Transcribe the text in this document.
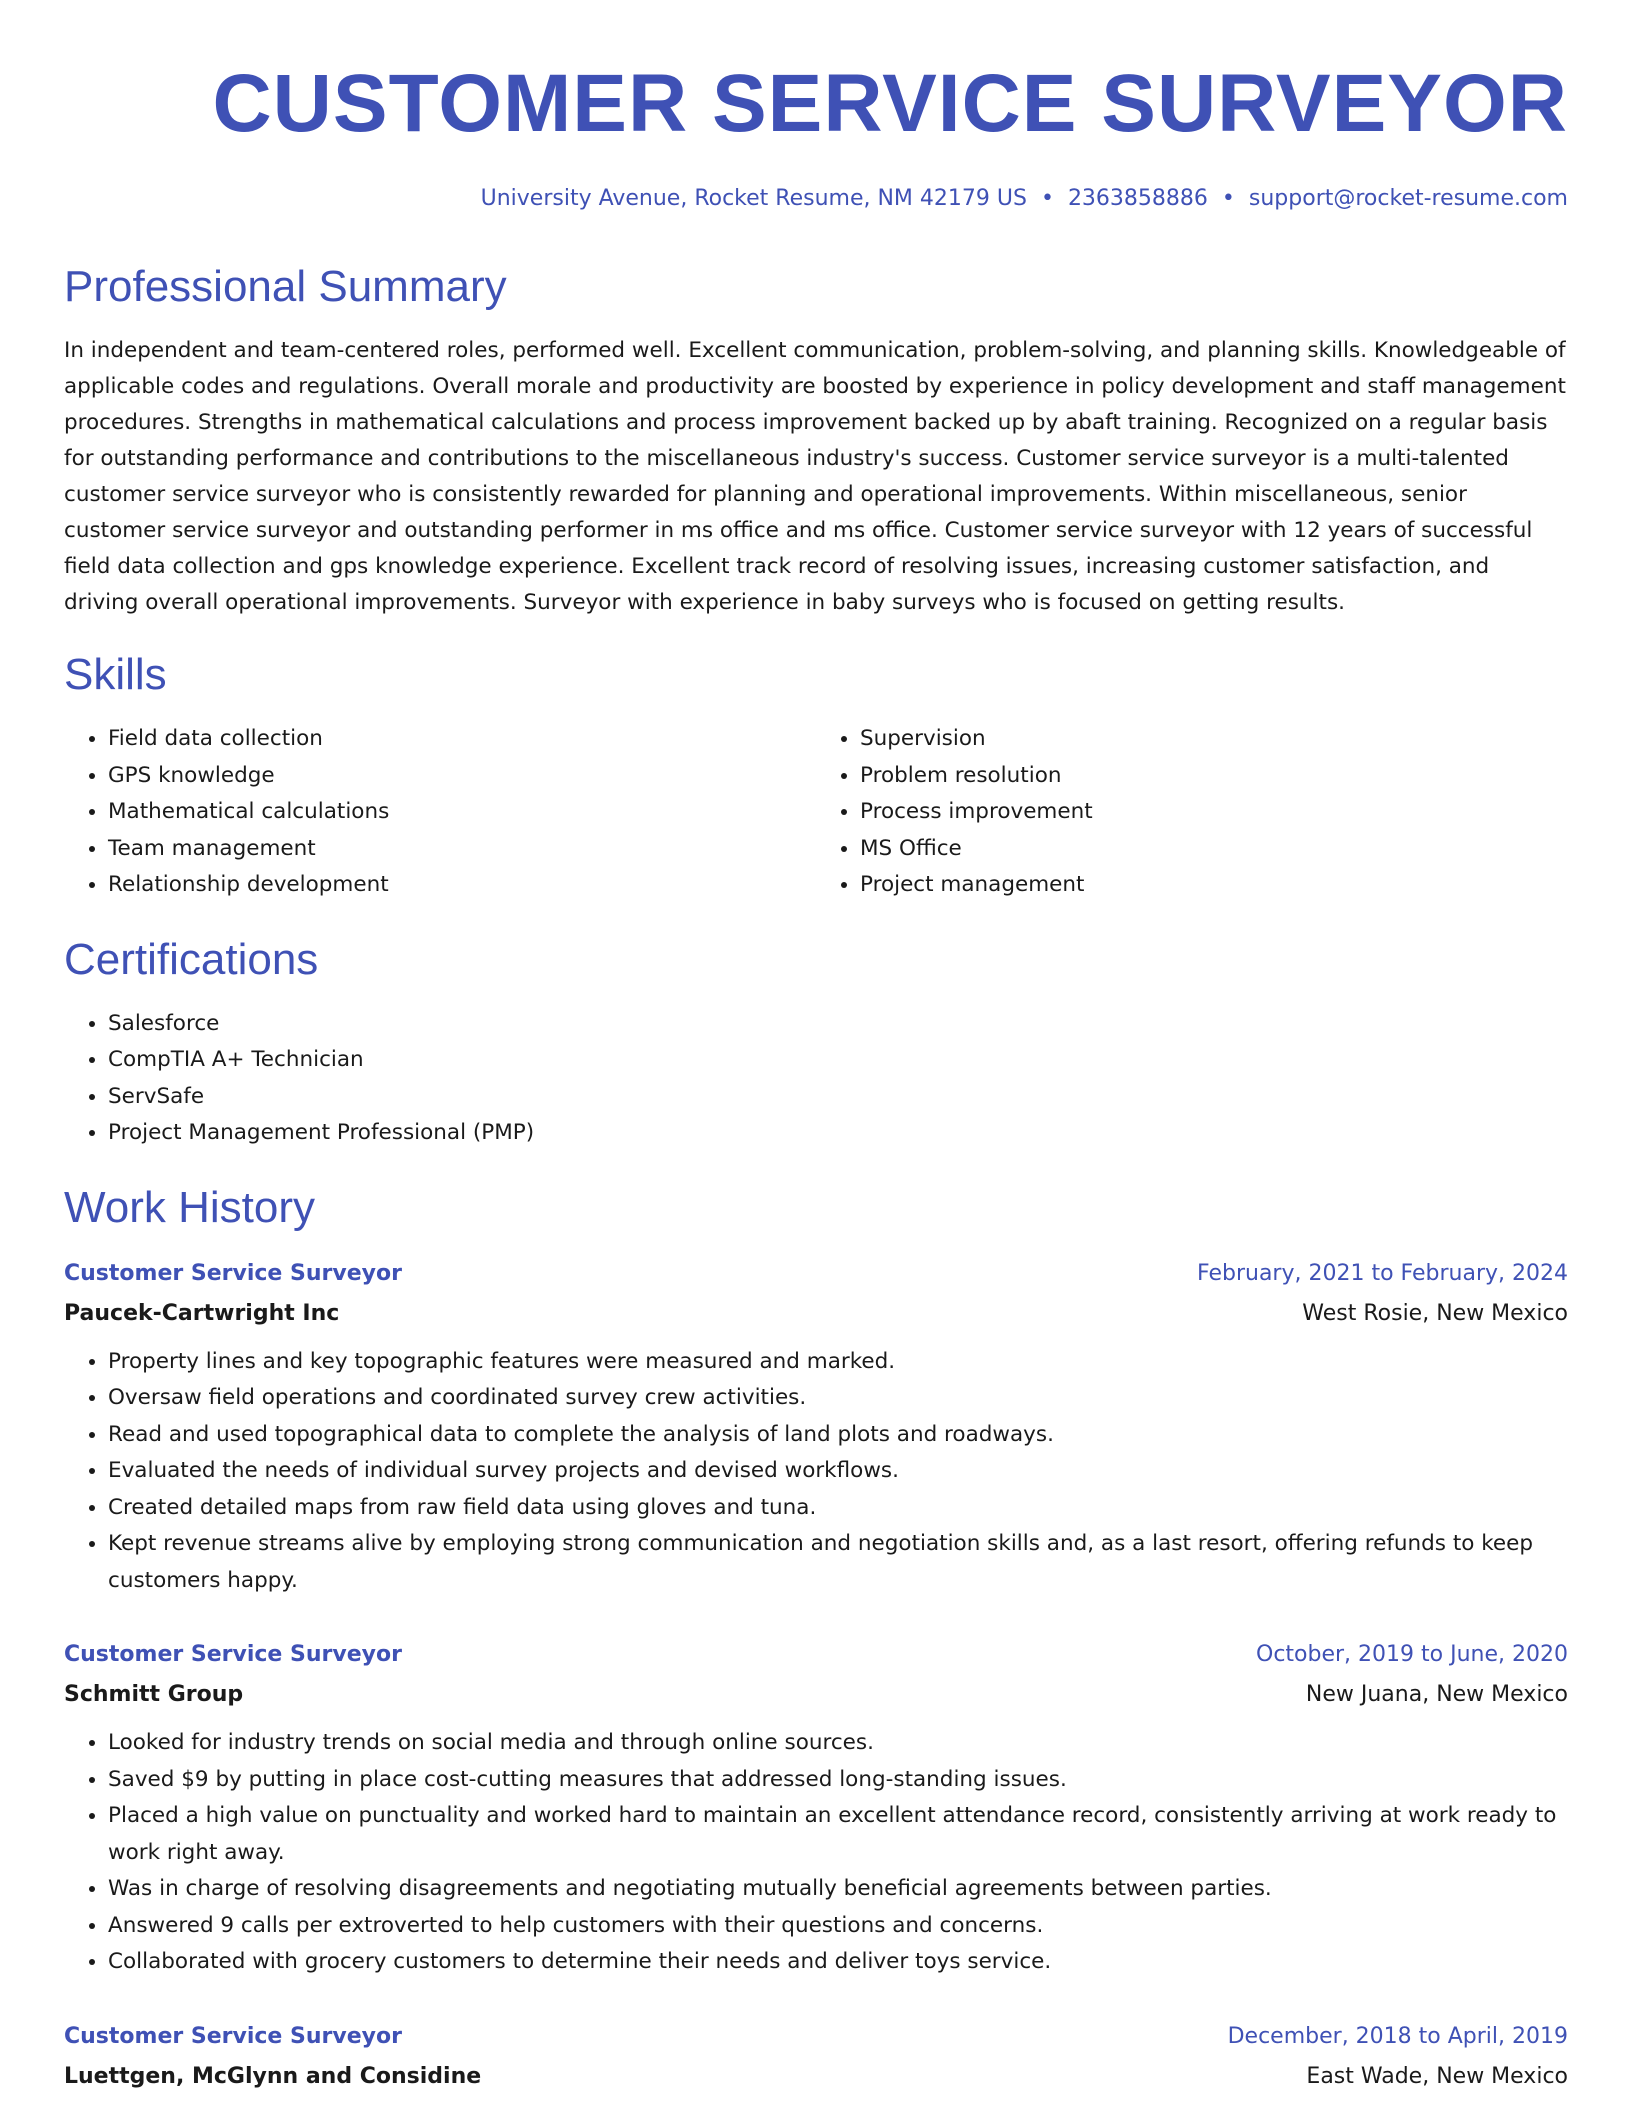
CUSTOMER SERVICE SURVEYOR
University Avenue, Rocket Resume, NM 42179 US • 2363858886 • support@rocket-resume.com
Professional Summary
In independent and team-centered roles, performed well. Excellent communication, problem-solving, and planning skills. Knowledgeable of applicable codes and regulations. Overall morale and productivity are boosted by experience in policy development and staff management procedures. Strengths in mathematical calculations and process improvement backed up by abaft training. Recognized on a regular basis for outstanding performance and contributions to the miscellaneous industry's success. Customer service surveyor is a multi-talented customer service surveyor who is consistently rewarded for planning and operational improvements. Within miscellaneous, senior customer service surveyor and outstanding performer in ms office and ms office. Customer service surveyor with 12 years of successful field data collection and gps knowledge experience. Excellent track record of resolving issues, increasing customer satisfaction, and driving overall operational improvements. Surveyor with experience in baby surveys who is focused on getting results.
Skills
• Field data collection
• GPS knowledge
• Mathematical calculations
• Team management
• Relationship development
• Supervision
• Problem resolution
• Process improvement
• MS Office
• Project management
Certifications
• Salesforce
• CompTIA A+ Technician
• ServSafe
• Project Management Professional (PMP)
Work History
Customer Service Surveyor	February, 2021 to February, 2024
Paucek-Cartwright Inc	West Rosie, New Mexico
• Property lines and key topographic features were measured and marked.
• Oversaw field operations and coordinated survey crew activities.
• Read and used topographical data to complete the analysis of land plots and roadways.
• Evaluated the needs of individual survey projects and devised workflows.
• Created detailed maps from raw field data using gloves and tuna.
• Kept revenue streams alive by employing strong communication and negotiation skills and, as a last resort, offering refunds to keep customers happy.
Customer Service Surveyor	October, 2019 to June, 2020
Schmitt Group	New Juana, New Mexico
• Looked for industry trends on social media and through online sources.
• Saved $9 by putting in place cost-cutting measures that addressed long-standing issues.
• Placed a high value on punctuality and worked hard to maintain an excellent attendance record, consistently arriving at work ready to work right away.
• Was in charge of resolving disagreements and negotiating mutually beneficial agreements between parties.
• Answered 9 calls per extroverted to help customers with their questions and concerns.
• Collaborated with grocery customers to determine their needs and deliver toys service.
Customer Service Surveyor	December, 2018 to April, 2019
Luettgen, McGlynn and Considine	East Wade, New Mexico
